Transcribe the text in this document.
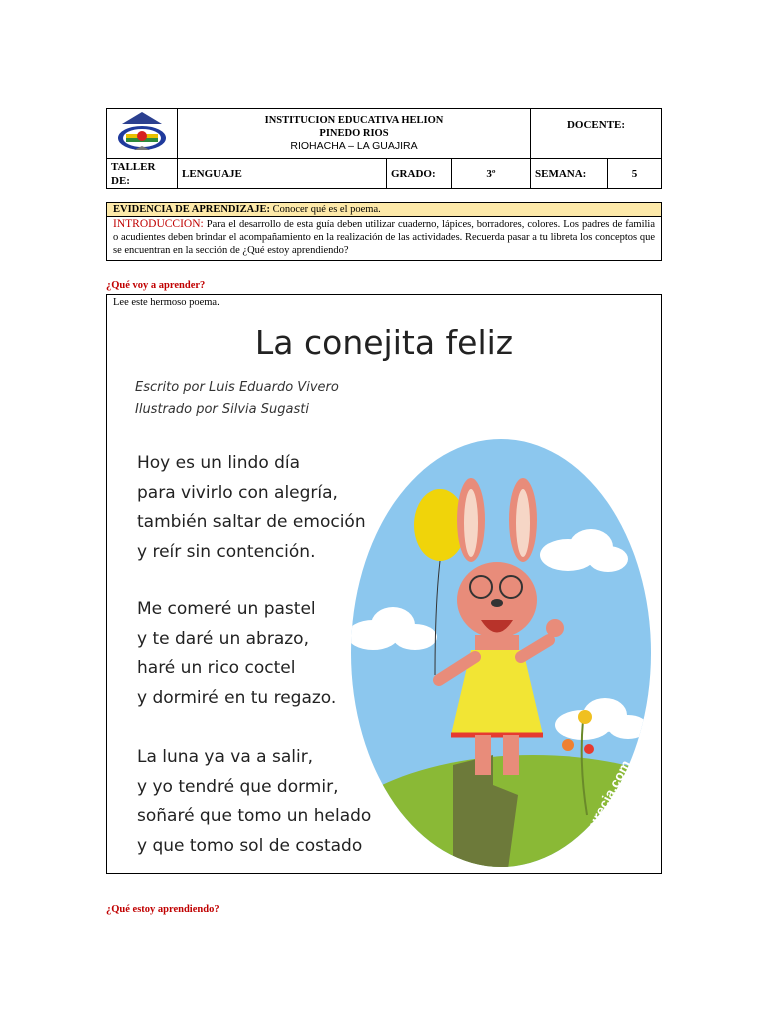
INSTITUCION EDUCATIVA HELION
PINEDO RIOS
RIOHACHA – LA GUAJIRA			DOCENTE:	

TALLER
DE:	LENGUAJE	GRADO:	3º	SEMANA:	5
EVIDENCIA DE APRENDIZAJE: Conocer qué es el poema.
INTRODUCCION: Para el desarrollo de esta guía deben utilizar cuaderno, lápices, borradores, colores. Los padres de familia o acudientes deben brindar el acompañamiento en la realización de las actividades. Recuerda pasar a tu libreta los conceptos que se encuentran en la sección de ¿Qué estoy aprendiendo?
¿Qué voy a aprender?
Lee este hermoso poema.
La conejita feliz
Escrito por Luis Eduardo Vivero
Ilustrado por Silvia Sugasti
zurecia.com
Hoy es un lindo día
para vivirlo con alegría,
también saltar de emoción
y reír sin contención.
Me comeré un pastel
y te daré un abrazo,
haré un rico coctel
y dormiré en tu regazo.
La luna ya va a salir,
y yo tendré que dormir,
soñaré que tomo un helado
y que tomo sol de costado
¿Qué estoy aprendiendo?
